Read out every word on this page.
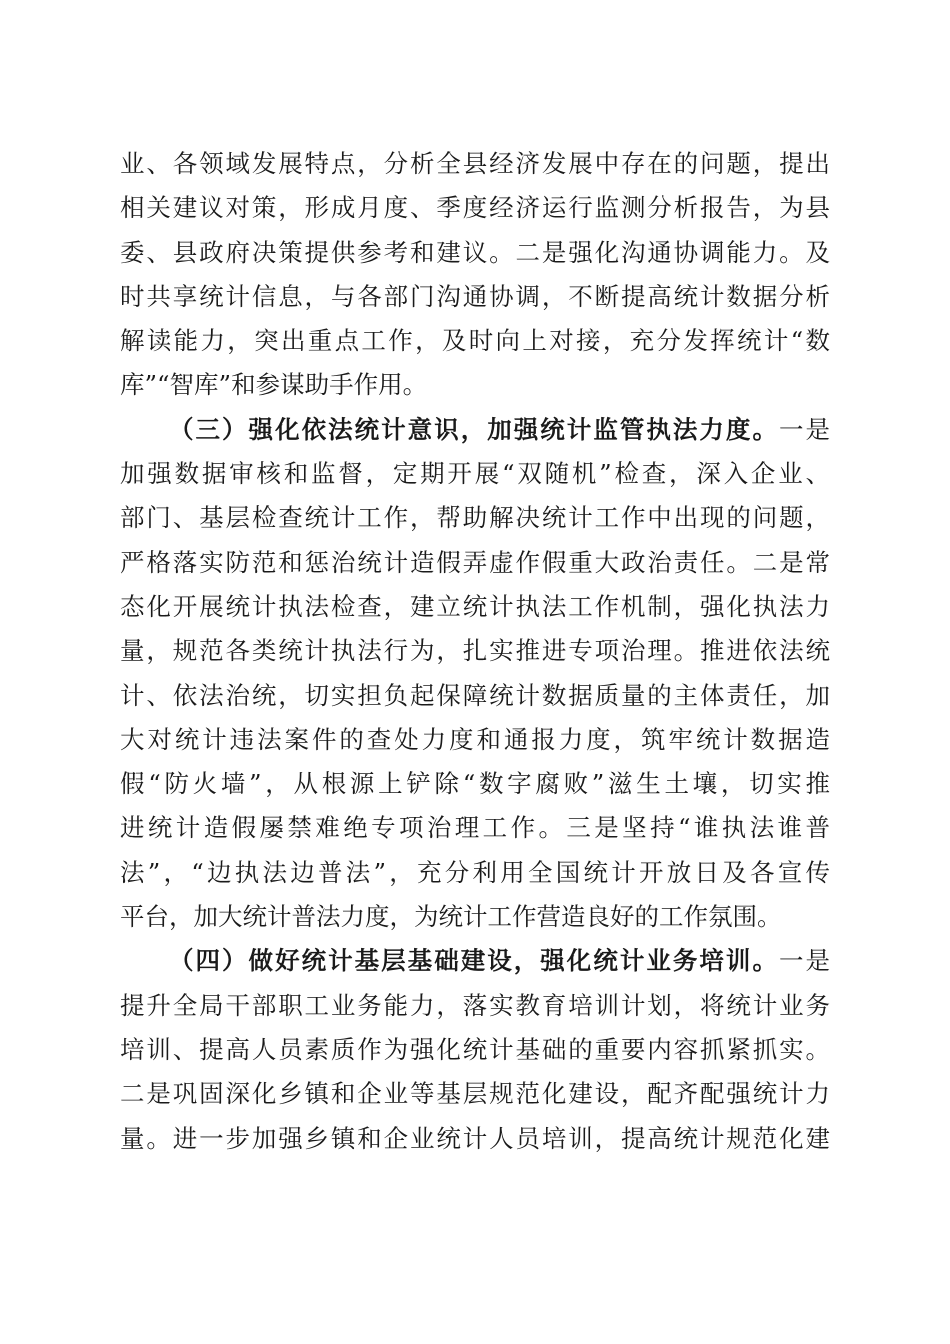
业、各领域发展特点，分析全县经济发展中存在的问题，提出
相关建议对策，形成月度、季度经济运行监测分析报告，为县
委、县政府决策提供参考和建议。二是强化沟通协调能力。及
时共享统计信息，与各部门沟通协调，不断提高统计数据分析
解读能力，突出重点工作，及时向上对接，充分发挥统计“数
库”“智库”和参谋助手作用。
（三）强化依法统计意识，加强统计监管执法力度。一是
加强数据审核和监督，定期开展“双随机”检查，深入企业、
部门、基层检查统计工作，帮助解决统计工作中出现的问题，
严格落实防范和惩治统计造假弄虚作假重大政治责任。二是常
态化开展统计执法检查，建立统计执法工作机制，强化执法力
量，规范各类统计执法行为，扎实推进专项治理。推进依法统
计、依法治统，切实担负起保障统计数据质量的主体责任，加
大对统计违法案件的查处力度和通报力度，筑牢统计数据造
假“防火墙”，从根源上铲除“数字腐败”滋生土壤，切实推
进统计造假屡禁难绝专项治理工作。三是坚持“谁执法谁普
法”，“边执法边普法”，充分利用全国统计开放日及各宣传
平台，加大统计普法力度，为统计工作营造良好的工作氛围。
（四）做好统计基层基础建设，强化统计业务培训。一是
提升全局干部职工业务能力，落实教育培训计划，将统计业务
培训、提高人员素质作为强化统计基础的重要内容抓紧抓实。
二是巩固深化乡镇和企业等基层规范化建设，配齐配强统计力
量。进一步加强乡镇和企业统计人员培训，提高统计规范化建
